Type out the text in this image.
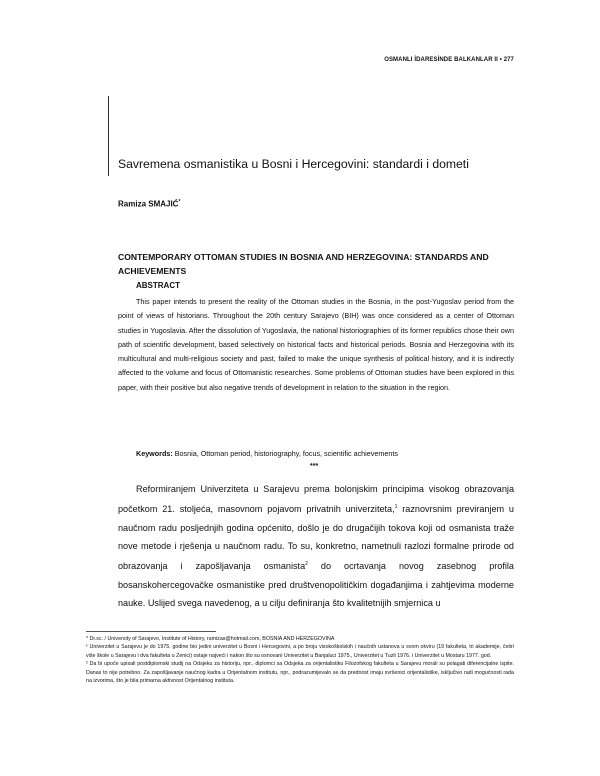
OSMANLI İDARESİNDE BALKANLAR II • 277
Savremena osmanistika u Bosni i Hercegovini: standardi i dometi
Ramiza SMAJIĆ*
CONTEMPORARY OTTOMAN STUDIES IN BOSNIA AND HERZEGOVINA: STANDARDS AND ACHIEVEMENTS
ABSTRACT

This paper intends to present the reality of the Ottoman studies in the Bosnia, in the post-Yugoslav period from the point of views of historians. Throughout the 20th century Sarajevo (BIH) was once considered as a center of Ottoman studies in Yugoslavia. After the dissolution of Yugoslavia, the national historiographies of its former republics chose their own path of scientific development, based selectively on historical facts and historical periods. Bosnia and Herzegovina with its multicultural and multi-religious society and past, failed to make the unique synthesis of political history, and it is indirectly affected to the volume and focus of Ottomanistic researches. Some problems of Ottoman studies have been explored in this paper, with their positive but also negative trends of development in relation to the situation in the region.

Keywords: Bosnia, Ottoman period, historiography, focus, scientific achievements
***

Reformiranjem Univerziteta u Sarajevu prema bolonjskim principima visokog obrazovanja početkom 21. stoljeća, masovnom pojavom privatnih univerziteta,$^1$ raznovrsnim previranjem u naučnom radu posljednjih godina općenito, došlo je do drugačijih tokova koji od osmanista traže nove metode i rješenja u naučnom radu. To su, konkretno, nametnuli razlozi formalne prirode od obrazovanja i zapošljavanja osmanista$^2$ do ocrtavanja novog zasebnog profila bosanskohercegovačke osmanistike pred društvenopolitičkim događanjima i zahtjevima moderne nauke. Uslijed svega navedenog, a u cilju definiranja što kvalitetnijih smjernica u

* Dr.sc. / University of Sarajevo, Institute of History, ramizas@hotmail.com, BOSNIA AND HERZEGOVINA

¹ Univerzitet u Sarajevu je do 1975. godine bio jedini univerzitet u Bosni i Hercegovini, a po broju visokoškolskih i naučnih ustanova u svom okviru (19 fakulteta, tri akademije, četiri više škole u Sarajevu i dva fakulteta u Zenici) ostaje najveći i nakon što su osnovani Univerzitet u Banjaluci 1975., Univerzitet u Tuzli 1976. i Univerzitet u Mostaru 1977. god.

² Da bi upoče upisali postdiplomski studij na Odsjeku za historiju, npr., diplomci sa Odsjeka za orijentalistiku Filozofskog fakulteta u Sarajevu morali su polagati diferencijalne ispite. Danas to nije potrebno. Za zapošljavanje naučnog kadra u Orijentalnom institutu, npr., podrazumijevalo se da prednost imaju svršenici orijentalistike, isključivo radi mogućnosti rada na izvorima, što je bila primarna aktivnost Orijentalnog instituta.
